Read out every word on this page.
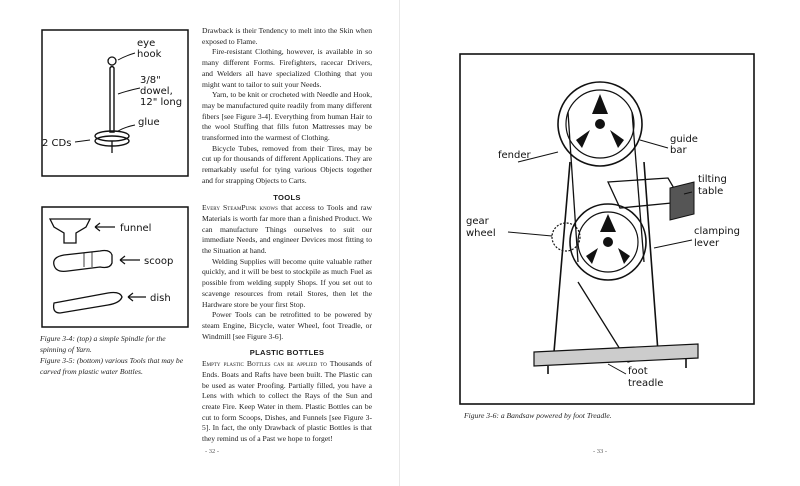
eye
hook
3/8"
dowel,
12" long
glue
2 CDs
funnel
scoop
dish
Figure 3-4: (top) a simple Spindle for the spinning of Yarn.
Figure 3-5: (bottom) various Tools that may be carved from plastic water Bottles.

Drawback is their Tendency to melt into the Skin when exposed to Flame.

Fire-resistant Clothing, however, is available in so many different Forms. Firefighters, racecar Drivers, and Welders all have specialized Clothing that you might want to tailor to suit your Needs.

Yarn, to be knit or crocheted with Needle and Hook, may be manufactured quite readily from many different fibers [see Figure 3-4]. Everything from human Hair to the wool Stuffing that fills futon Mattresses may be transformed into the warmest of Clothing.

Bicycle Tubes, removed from their Tires, may be cut up for thousands of different Applications. They are remarkably useful for tying various Objects together and for strapping Objects to Carts.

TOOLS

Every SteamPunk knows that access to Tools and raw Materials is worth far more than a finished Product. We can manufacture Things ourselves to suit our immediate Needs, and engineer Devices most fitting to the Situation at hand.

Welding Supplies will become quite valuable rather quickly, and it will be best to stockpile as much Fuel as possible from welding supply Shops. If you set out to scavenge resources from retail Stores, then let the Hardware store be your first Stop.

Power Tools can be retrofitted to be powered by steam Engine, Bicycle, water Wheel, foot Treadle, or Windmill [see Figure 3-6].

PLASTIC BOTTLES

Empty plastic Bottles can be applied to Thousands of Ends. Boats and Rafts have been built. The Plastic can be used as water Proofing. Partially filled, you have a Lens with which to collect the Rays of the Sun and create Fire. Keep Water in them. Plastic Bottles can be cut to form Scoops, Dishes, and Funnels [see Figure 3-5]. In fact, the only Drawback of plastic Bottles is that they remind us of a Past we hope to forget!

- 32 -
fender
guide
bar
tilting
table
gear
wheel	clamping
lever
foot
treadle
Figure 3-6: a Bandsaw powered by foot Treadle.
- 33 -
